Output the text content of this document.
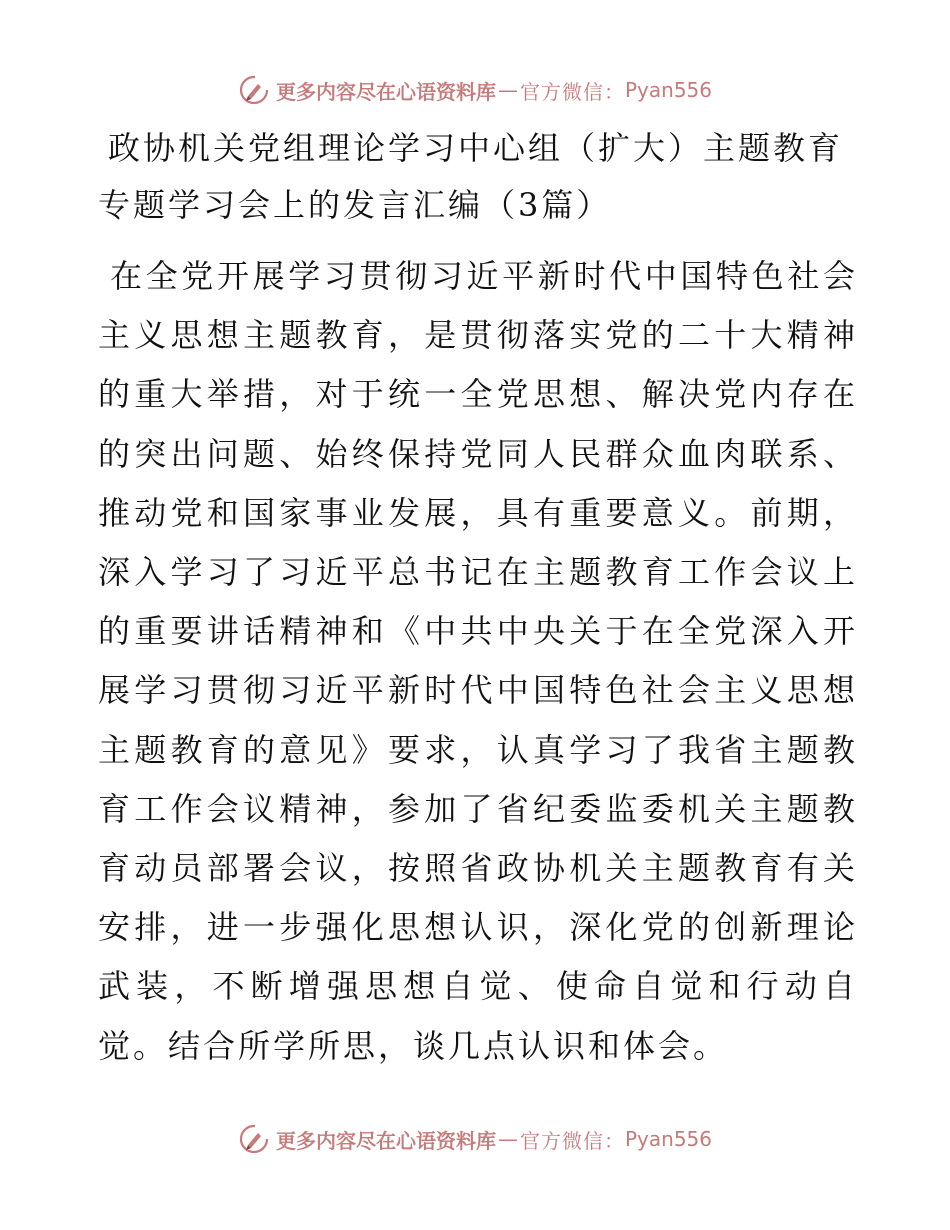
更多内容尽在心语资料库 — 官方微信： Pyan556
政协机关党组理论学习中心组（扩大）主题教育
专题学习会上的发言汇编（3篇）

在全党开展学习贯彻习近平新时代中国特色社会主义思想主题教育，是贯彻落实党的二十大精神的重大举措，对于统一全党思想、解决党内存在的突出问题、始终保持党同人民群众血肉联系、推动党和国家事业发展，具有重要意义。前期，深入学习了习近平总书记在主题教育工作会议上的重要讲话精神和《中共中央关于在全党深入开展学习贯彻习近平新时代中国特色社会主义思想主题教育的意见》要求，认真学习了我省主题教育工作会议精神，参加了省纪委监委机关主题教育动员部署会议，按照省政协机关主题教育有关安排，进一步强化思想认识，深化党的创新理论武装，不断增强思想自觉、使命自觉和行动自觉。结合所学所思，谈几点认识和体会。

更多内容尽在心语资料库 — 官方微信： Pyan556
